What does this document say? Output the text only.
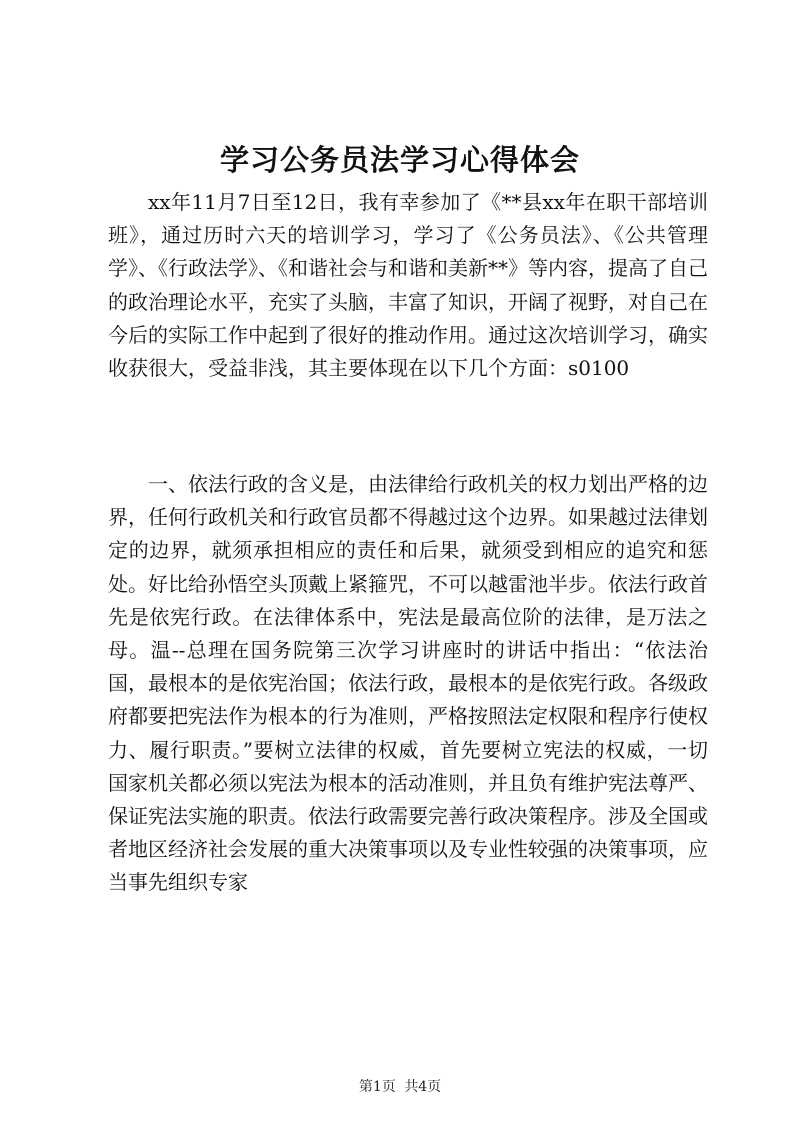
学习公务员法学习心得体会

xx年11月7日至12日，我有幸参加了《**县xx年在职干部培训班》，通过历时六天的培训学习，学习了《公务员法》、《公共管理学》、《行政法学》、《和谐社会与和谐和美新**》等内容，提高了自己的政治理论水平，充实了头脑，丰富了知识，开阔了视野，对自己在今后的实际工作中起到了很好的推动作用。通过这次培训学习，确实收获很大，受益非浅，其主要体现在以下几个方面：s0100

一、依法行政的含义是，由法律给行政机关的权力划出严格的边界，任何行政机关和行政官员都不得越过这个边界。如果越过法律划定的边界，就须承担相应的责任和后果，就须受到相应的追究和惩处。好比给孙悟空头顶戴上紧箍咒，不可以越雷池半步。依法行政首先是依宪行政。在法律体系中，宪法是最高位阶的法律，是万法之母。温--总理在国务院第三次学习讲座时的讲话中指出：“依法治国，最根本的是依宪治国；依法行政，最根本的是依宪行政。各级政府都要把宪法作为根本的行为准则，严格按照法定权限和程序行使权力、履行职责。”要树立法律的权威，首先要树立宪法的权威，一切国家机关都必须以宪法为根本的活动准则，并且负有维护宪法尊严、保证宪法实施的职责。依法行政需要完善行政决策程序。涉及全国或者地区经济社会发展的重大决策事项以及专业性较强的决策事项，应当事先组织专家

第1页 共4页
